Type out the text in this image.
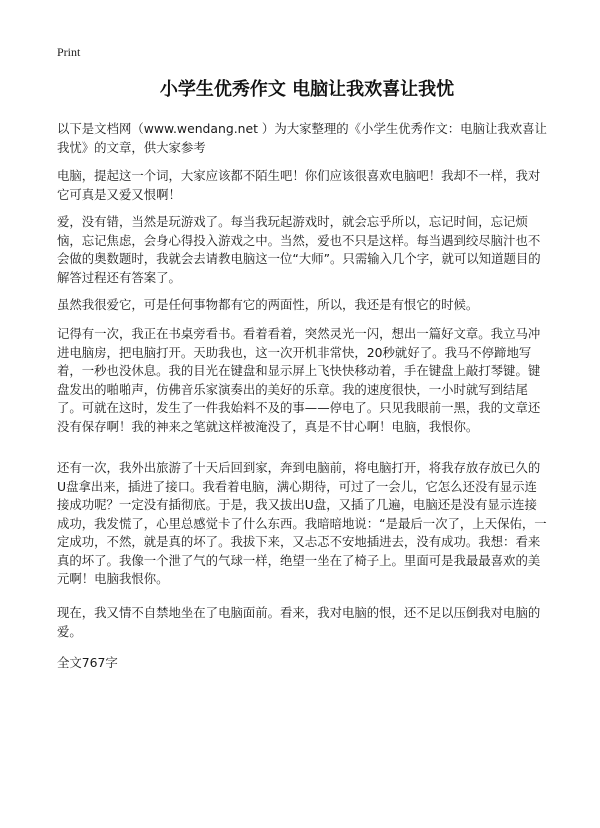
Print
小学生优秀作文 电脑让我欢喜让我忧

以下是文档网（www.wendang.net ）为大家整理的《小学生优秀作文：电脑让我欢喜让我忧》的文章，供大家参考

电脑，提起这一个词，大家应该都不陌生吧！你们应该很喜欢电脑吧！我却不一样，我对它可真是又爱又恨啊！

爱，没有错，当然是玩游戏了。每当我玩起游戏时，就会忘乎所以，忘记时间，忘记烦恼，忘记焦虑，会身心得投入游戏之中。当然，爱也不只是这样。每当遇到绞尽脑汁也不会做的奥数题时，我就会去请教电脑这一位“大师”。只需输入几个字，就可以知道题目的解答过程还有答案了。

虽然我很爱它，可是任何事物都有它的两面性，所以，我还是有恨它的时候。

记得有一次，我正在书桌旁看书。看着看着，突然灵光一闪，想出一篇好文章。我立马冲进电脑房，把电脑打开。天助我也，这一次开机非常快，20秒就好了。我马不停蹄地写着，一秒也没休息。我的目光在键盘和显示屏上飞快快移动着，手在键盘上敲打琴键。键盘发出的啪啪声，仿佛音乐家演奏出的美好的乐章。我的速度很快，一小时就写到结尾了。可就在这时，发生了一件我始料不及的事——停电了。只见我眼前一黑，我的文章还没有保存啊！我的神来之笔就这样被淹没了，真是不甘心啊！电脑，我恨你。

还有一次，我外出旅游了十天后回到家，奔到电脑前，将电脑打开，将我存放存放已久的U盘拿出来，插进了接口。我看着电脑，满心期待，可过了一会儿，它怎么还没有显示连接成功呢？一定没有插彻底。于是，我又拔出U盘，又插了几遍，电脑还是没有显示连接成功，我发慌了，心里总感觉卡了什么东西。我暗暗地说：“是最后一次了，上天保佑，一定成功，不然，就是真的坏了。我拔下来，又忐忑不安地插进去，没有成功。我想：看来真的坏了。我像一个泄了气的气球一样，绝望一坐在了椅子上。里面可是我最最喜欢的美元啊！电脑我恨你。

现在，我又情不自禁地坐在了电脑面前。看来，我对电脑的恨，还不足以压倒我对电脑的爱。

全文767字
